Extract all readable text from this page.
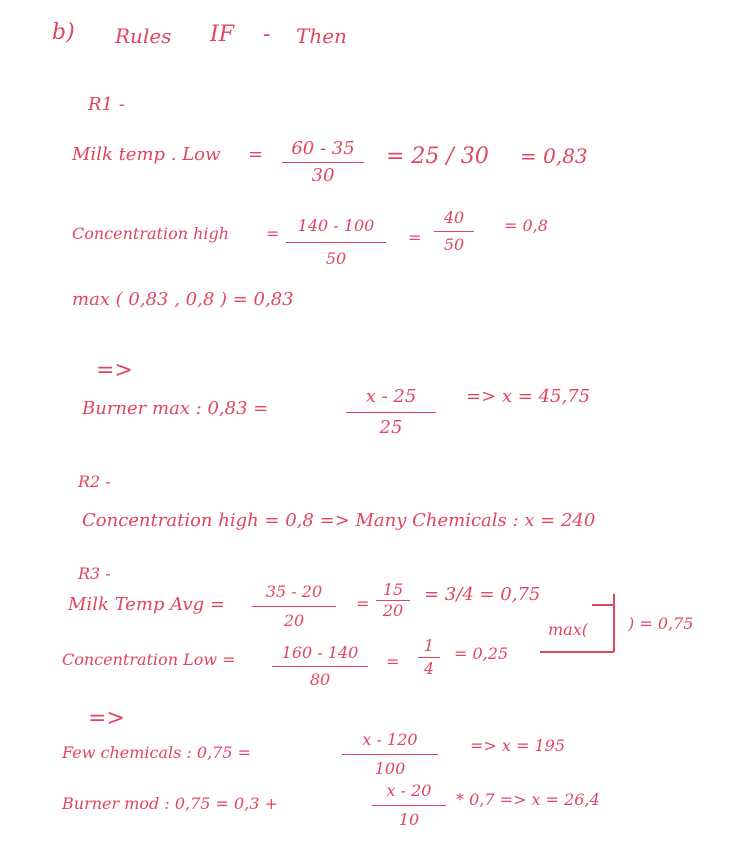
b) Rules IF - Then
R1 -
Milk temp . Low =	60 - 35
30
= 25 / 30 = 0,83
Concentration high =	140 - 100
50
=
40
50
= 0,8
max ( 0,83 , 0,8 ) = 0,83
=>
Burner max : 0,83 =
x - 25
25
=> x = 45,75
R2 -
Concentration high = 0,8 => Many Chemicals : x = 240
R3 -
Milk Temp Avg =
35 - 20
20
=
15
20
= 3/4 = 0,75
max(	) = 0,75
Concentration Low =	160 - 140
80
=
1
4
= 0,25
=>
Few chemicals : 0,75 =
x - 120
100
=> x = 195
Burner mod : 0,75 = 0,3 +
x - 20
10
* 0,7 => x = 26,4
